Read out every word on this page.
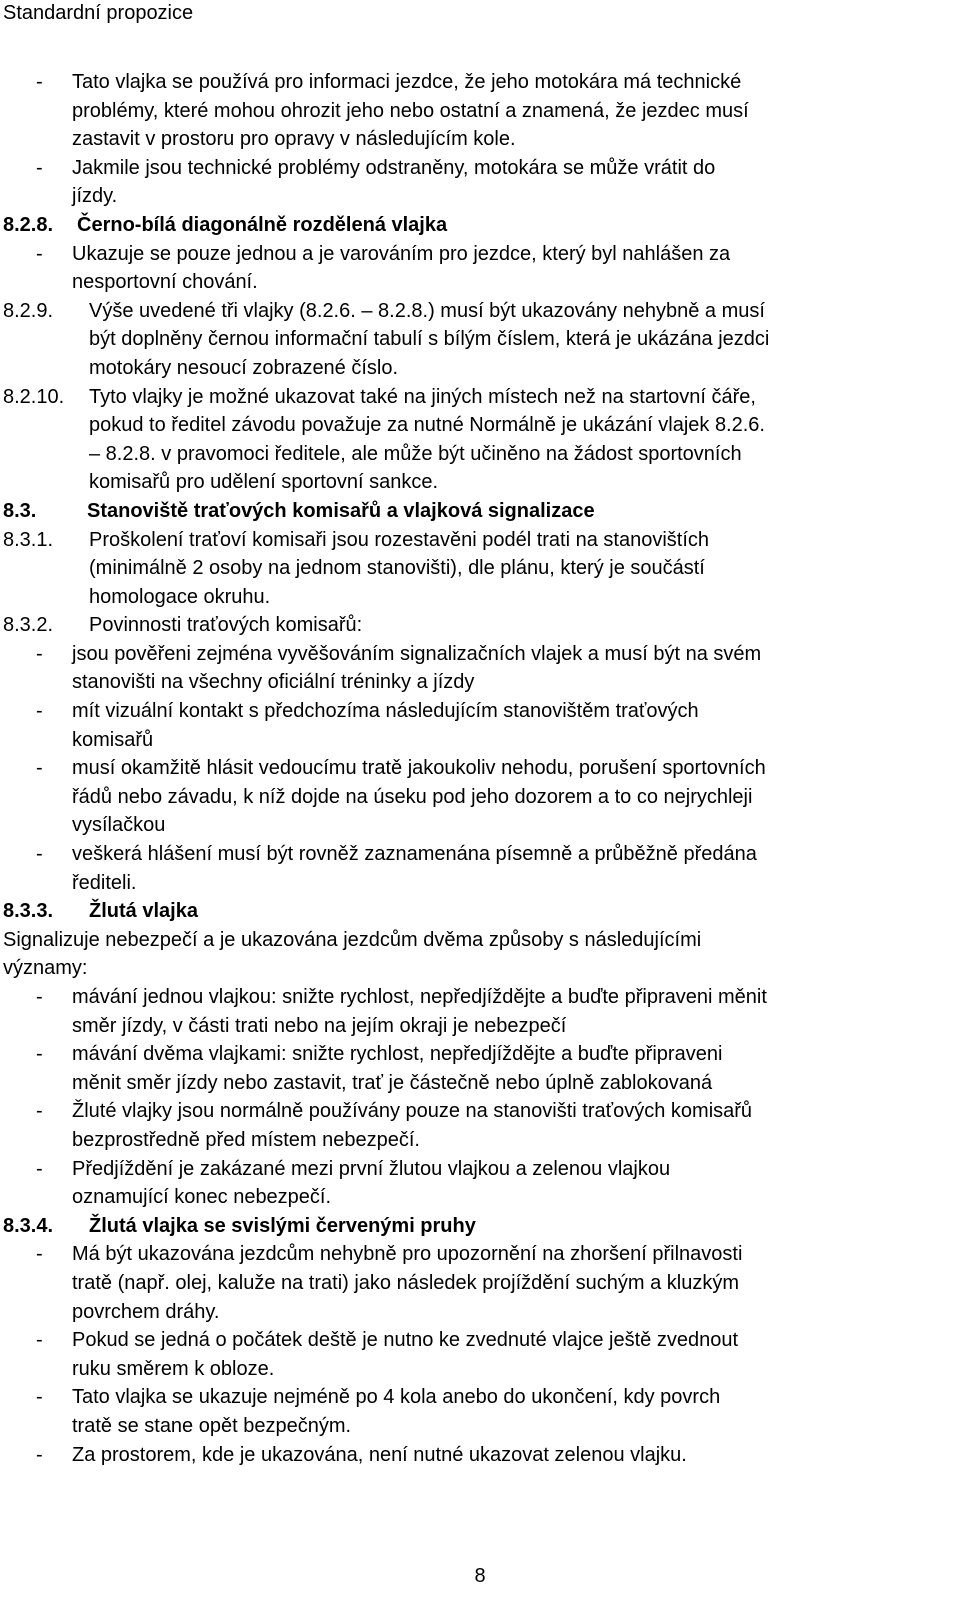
Standardní propozice
- Tato vlajka se používá pro informaci jezdce, že jeho motokára má technické
problémy, které mohou ohrozit jeho nebo ostatní a znamená, že jezdec musí
zastavit v prostoru pro opravy v následujícím kole.
- Jakmile jsou technické problémy odstraněny, motokára se může vrátit do
jízdy.
8.2.8. Černo-bílá diagonálně rozdělená vlajka
- Ukazuje se pouze jednou a je varováním pro jezdce, který byl nahlášen za
nesportovní chování.
8.2.9. Výše uvedené tři vlajky (8.2.6. – 8.2.8.) musí být ukazovány nehybně a musí
být doplněny černou informační tabulí s bílým číslem, která je ukázána jezdci
motokáry nesoucí zobrazené číslo.
8.2.10. Tyto vlajky je možné ukazovat také na jiných místech než na startovní čáře,
pokud to ředitel závodu považuje za nutné Normálně je ukázání vlajek 8.2.6.
– 8.2.8. v pravomoci ředitele, ale může být učiněno na žádost sportovních
komisařů pro udělení sportovní sankce.
8.3.	Stanoviště traťových komisařů a vlajková signalizace
8.3.1. Proškolení traťoví komisaři jsou rozestavěni podél trati na stanovištích
(minimálně 2 osoby na jednom stanovišti), dle plánu, který je součástí
homologace okruhu.
8.3.2. Povinnosti traťových komisařů:
- jsou pověřeni zejména vyvěšováním signalizačních vlajek a musí být na svém
stanovišti na všechny oficiální tréninky a jízdy
- mít vizuální kontakt s předchozíma následujícím stanovištěm traťových
komisařů
- musí okamžitě hlásit vedoucímu tratě jakoukoliv nehodu, porušení sportovních
řádů nebo závadu, k níž dojde na úseku pod jeho dozorem a to co nejrychleji
vysílačkou
- veškerá hlášení musí být rovněž zaznamenána písemně a průběžně předána
řediteli.
8.3.3. Žlutá vlajka
Signalizuje nebezpečí a je ukazována jezdcům dvěma způsoby s následujícími
významy:
- mávání jednou vlajkou: snižte rychlost, nepředjíždějte a buďte připraveni měnit
směr jízdy, v části trati nebo na jejím okraji je nebezpečí
- mávání dvěma vlajkami: snižte rychlost, nepředjíždějte a buďte připraveni
měnit směr jízdy nebo zastavit, trať je částečně nebo úplně zablokovaná
- Žluté vlajky jsou normálně používány pouze na stanovišti traťových komisařů
bezprostředně před místem nebezpečí.
- Předjíždění je zakázané mezi první žlutou vlajkou a zelenou vlajkou
oznamující konec nebezpečí.
8.3.4. Žlutá vlajka se svislými červenými pruhy
- Má být ukazována jezdcům nehybně pro upozornění na zhoršení přilnavosti
tratě (např. olej, kaluže na trati) jako následek projíždění suchým a kluzkým
povrchem dráhy.
- Pokud se jedná o počátek deště je nutno ke zvednuté vlajce ještě zvednout
ruku směrem k obloze.
- Tato vlajka se ukazuje nejméně po 4 kola anebo do ukončení, kdy povrch
tratě se stane opět bezpečným.
- Za prostorem, kde je ukazována, není nutné ukazovat zelenou vlajku.
8
